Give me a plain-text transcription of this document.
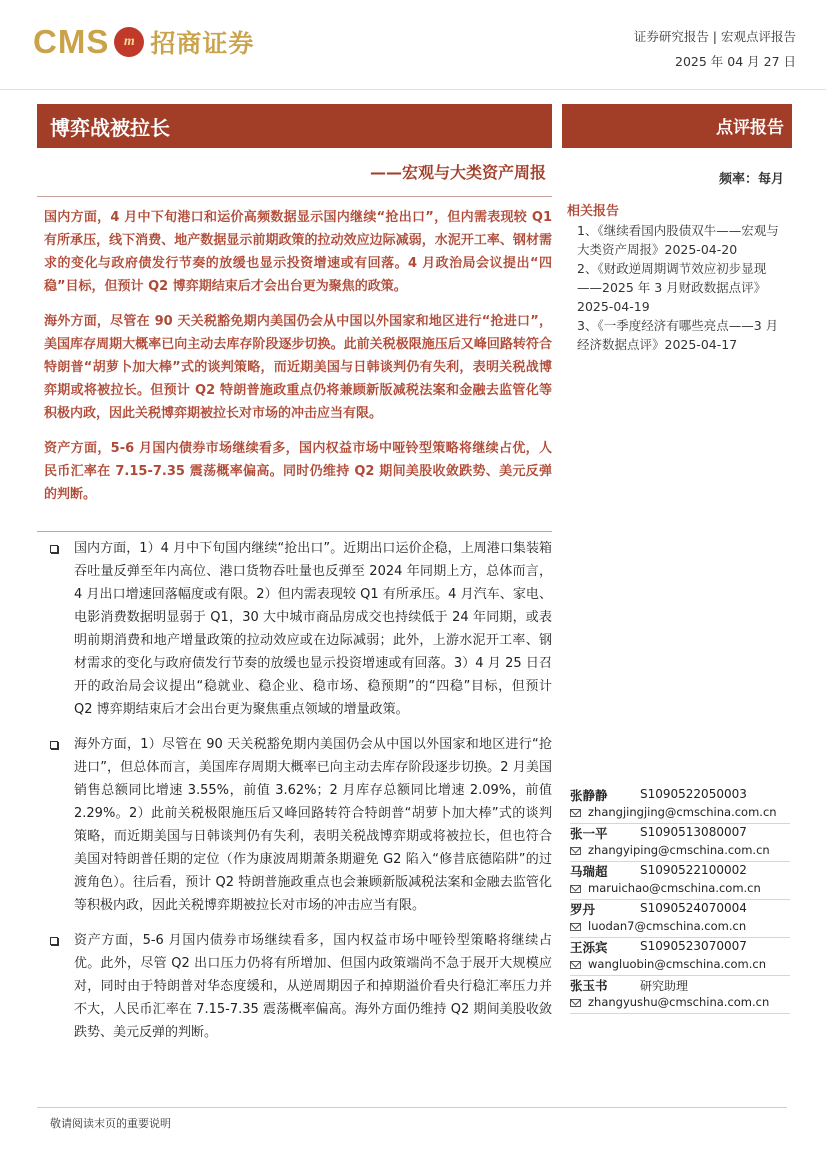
CMS	m 招商证券	证券研究报告 | 宏观点评报告
2025 年 04 月 27 日
博弈战被拉长	点评报告
——宏观与大类资产周报	频率：每月

国内方面，4 月中下旬港口和运价高频数据显示国内继续“抢出口”，但内需表现较 Q1 有所承压，线下消费、地产数据显示前期政策的拉动效应边际减弱，水泥开工率、钢材需求的变化与政府债发行节奏的放缓也显示投资增速或有回落。4 月政治局会议提出“四稳”目标，但预计 Q2 博弈期结束后才会出台更为聚焦的政策。

海外方面，尽管在 90 天关税豁免期内美国仍会从中国以外国家和地区进行“抢进口”，美国库存周期大概率已向主动去库存阶段逐步切换。此前关税极限施压后又峰回路转符合特朗普“胡萝卜加大棒”式的谈判策略，而近期美国与日韩谈判仍有失利，表明关税战博弈期或将被拉长。但预计 Q2 特朗普施政重点仍将兼顾新版减税法案和金融去监管化等积极内政，因此关税博弈期被拉长对市场的冲击应当有限。

资产方面，5-6 月国内债券市场继续看多，国内权益市场中哑铃型策略将继续占优，人民币汇率在 7.15-7.35 震荡概率偏高。同时仍维持 Q2 期间美股收敛跌势、美元反弹的判断。

国内方面，1）4 月中下旬国内继续“抢出口”。近期出口运价企稳，上周港口集装箱吞吐量反弹至年内高位、港口货物吞吐量也反弹至 2024 年同期上方，总体而言，4 月出口增速回落幅度或有限。2）但内需表现较 Q1 有所承压。4 月汽车、家电、电影消费数据明显弱于 Q1，30 大中城市商品房成交也持续低于 24 年同期，或表明前期消费和地产增量政策的拉动效应或在边际减弱；此外，上游水泥开工率、钢材需求的变化与政府债发行节奏的放缓也显示投资增速或有回落。3）4 月 25 日召开的政治局会议提出“稳就业、稳企业、稳市场、稳预期”的“四稳”目标，但预计 Q2 博弈期结束后才会出台更为聚焦重点领域的增量政策。
海外方面，1）尽管在 90 天关税豁免期内美国仍会从中国以外国家和地区进行“抢进口”，但总体而言，美国库存周期大概率已向主动去库存阶段逐步切换。2 月美国销售总额同比增速 3.55%，前值 3.62%；2 月库存总额同比增速 2.09%，前值 2.29%。2）此前关税极限施压后又峰回路转符合特朗普“胡萝卜加大棒”式的谈判策略，而近期美国与日韩谈判仍有失利，表明关税战博弈期或将被拉长，但也符合美国对特朗普任期的定位（作为康波周期萧条期避免 G2 陷入“修昔底德陷阱”的过渡角色）。往后看，预计 Q2 特朗普施政重点也会兼顾新版减税法案和金融去监管化等积极内政，因此关税博弈期被拉长对市场的冲击应当有限。
资产方面，5-6 月国内债券市场继续看多，国内权益市场中哑铃型策略将继续占优。此外，尽管 Q2 出口压力仍将有所增加、但国内政策端尚不急于展开大规模应对，同时由于特朗普对华态度缓和，从逆周期因子和掉期溢价看央行稳汇率压力并不大，人民币汇率在 7.15-7.35 震荡概率偏高。海外方面仍维持 Q2 期间美股收敛跌势、美元反弹的判断。
相关报告
1、《继续看国内股债双牛——宏观与大类资产周报》2025-04-20
2、《财政逆周期调节效应初步显现——2025 年 3 月财政数据点评》2025-04-19
3、《一季度经济有哪些亮点——3 月经济数据点评》2025-04-17
张静静	S1090522050003
zhangjingjing@cmschina.com.cn
张一平	S1090513080007
zhangyiping@cmschina.com.cn
马瑞超	S1090522100002
maruichao@cmschina.com.cn
罗丹	S1090524070004
luodan7@cmschina.com.cn
王泺宾	S1090523070007
wangluobin@cmschina.com.cn
张玉书	研究助理
zhangyushu@cmschina.com.cn
敬请阅读末页的重要说明
